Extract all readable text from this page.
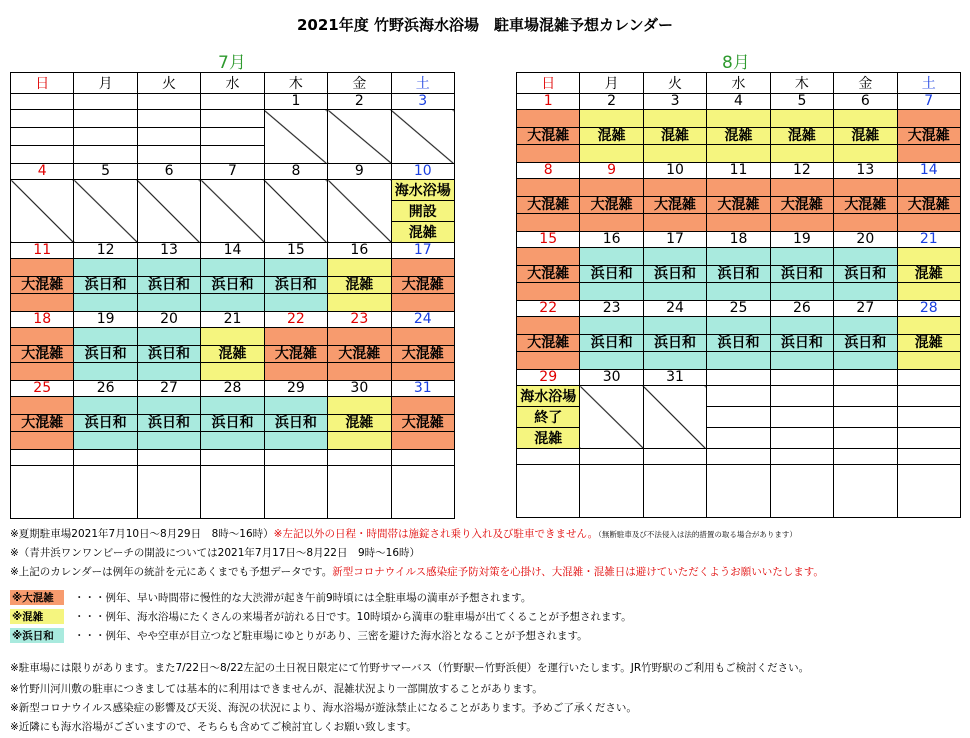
2021年度 竹野浜海水浴場　駐車場混雑予想カレンダー
7月	8月
日	月	火	水	木	金	土
				1	2	3

4	5	6	7	8	9	10
						海水浴場
						開設
						混雑
11	12	13	14	15	16	17

大混雑	浜日和	浜日和	浜日和	浜日和	混雑	大混雑

18	19	20	21	22	23	24

大混雑	浜日和	浜日和	混雑	大混雑	大混雑	大混雑

25	26	27	28	29	30	31

大混雑	浜日和	浜日和	浜日和	浜日和	混雑	大混雑

日	月	火	水	木	金	土
1	2	3	4	5	6	7

大混雑	混雑	混雑	混雑	混雑	混雑	大混雑

8	9	10	11	12	13	14

大混雑	大混雑	大混雑	大混雑	大混雑	大混雑	大混雑

15	16	17	18	19	20	21

大混雑	浜日和	浜日和	浜日和	浜日和	浜日和	混雑

22	23	24	25	26	27	28

大混雑	浜日和	浜日和	浜日和	浜日和	浜日和	混雑

29	30	31				
海水浴場						
終了						
混雑						

※夏期駐車場2021年7月10日～8月29日　8時～16時）※左記以外の日程・時間帯は施錠され乗り入れ及び駐車できません。（無断駐車及び不法侵入は法的措置の取る場合があります）
※（青井浜ワンワンビーチの開設については2021年7月17日～8月22日　9時～16時）
※上記のカレンダーは例年の統計を元にあくまでも予想データです。新型コロナウイルス感染症予防対策を心掛け、大混雑・混雑日は避けていただくようお願いいたします。
※大混雑 ・・・例年、早い時間帯に慢性的な大渋滞が起き午前9時頃には全駐車場の満車が予想されます。
※混雑	・・・例年、海水浴場にたくさんの来場者が訪れる日です。10時頃から満車の駐車場が出てくることが予想されます。
※浜日和 ・・・例年、やや空車が目立つなど駐車場にゆとりがあり、三密を避けた海水浴となることが予想されます。
※駐車場には限りがあります。また7/22日～8/22左記の土日祝日限定にて竹野サマーバス（竹野駅ー竹野浜便）を運行いたします。JR竹野駅のご利用もご検討ください。
※竹野川河川敷の駐車につきましては基本的に利用はできませんが、混雑状況より一部開放することがあります。
※新型コロナウイルス感染症の影響及び天災、海況の状況により、海水浴場が遊泳禁止になることがあります。予めご了承ください。
※近隣にも海水浴場がございますので、そちらも含めてご検討宜しくお願い致します。
